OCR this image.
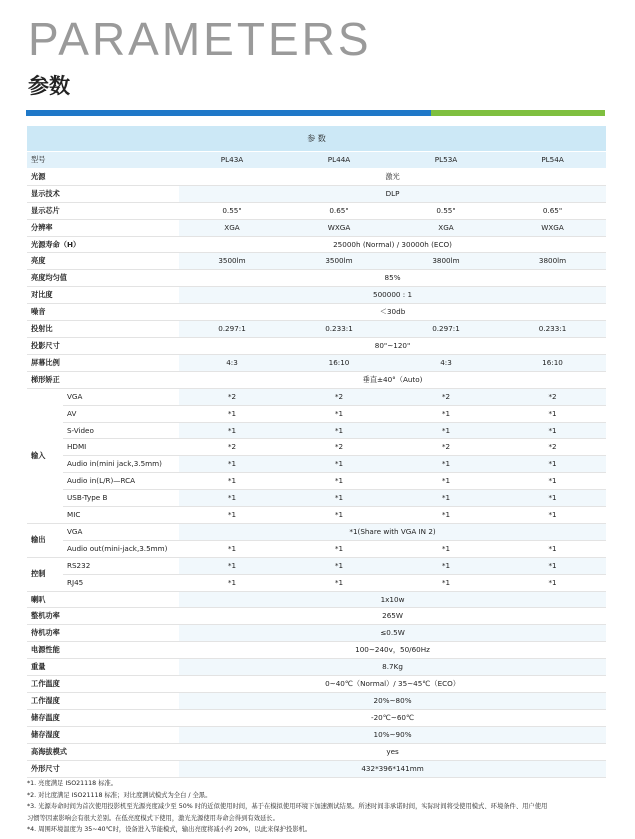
PARAMETERS
参数
参 数					
型号		PL43A	PL44A	PL53A	PL54A
光源		激光			
显示技术		DLP			
显示芯片		0.55"	0.65"	0.55"	0.65"
分辨率		XGA	WXGA	XGA	WXGA
光源寿命（H）		25000h (Normal) / 30000h (ECO)			
亮度		3500lm	3500lm	3800lm	3800lm
亮度均匀值		85%			
对比度		500000 : 1			
噪音		＜30db			
投射比		0.297:1	0.233:1	0.297:1	0.233:1
投影尺寸		80"~120"			
屏幕比例		4:3	16:10	4:3	16:10
梯形矫正		垂直±40°（Auto)			
输入	VGA	*2	*2	*2	*2
	AV	*1	*1	*1	*1
	S-Video	*1	*1	*1	*1
	HDMI	*2	*2	*2	*2
	Audio in(mini jack,3.5mm)	*1	*1	*1	*1
	Audio in(L/R)—RCA	*1	*1	*1	*1
	USB-Type B	*1	*1	*1	*1
	MIC	*1	*1	*1	*1
输出	VGA	*1(Share with VGA IN 2)			
	Audio out(mini-jack,3.5mm)	*1	*1	*1	*1
控制	RS232	*1	*1	*1	*1
	RJ45	*1	*1	*1	*1
喇叭		1x10w			
整机功率		265W			
待机功率		≤0.5W			
电源性能		100~240v，50/60Hz			
重量		8.7Kg			
工作温度		0~40℃（Normal）/ 35~45℃（ECO）			
工作湿度		20%~80%			
储存温度		-20℃~60℃			
储存湿度		10%~90%			
高海拔模式		yes			
外形尺寸		432*396*141mm			
*1. 亮度满足 ISO21118 标准。
*2. 对比度满足 ISO21118 标准；对比度测试模式为全白 / 全黑。
*3. 光源寿命时间为首次使用投影机至光源亮度减少至 50% 时的近似使用时间，基于在模拟使用环境下加速测试结果。所述时间非承诺时间，实际时间将受使用模式、环境条件、用户使用
习惯等因素影响会有很大差别。在低亮度模式下使用，激光光源使用寿命会得到有效延长。
*4. 周围环境温度为 35~40℃时，设备进入节能模式，输出亮度将减小约 20%，以此来保护投影机。
